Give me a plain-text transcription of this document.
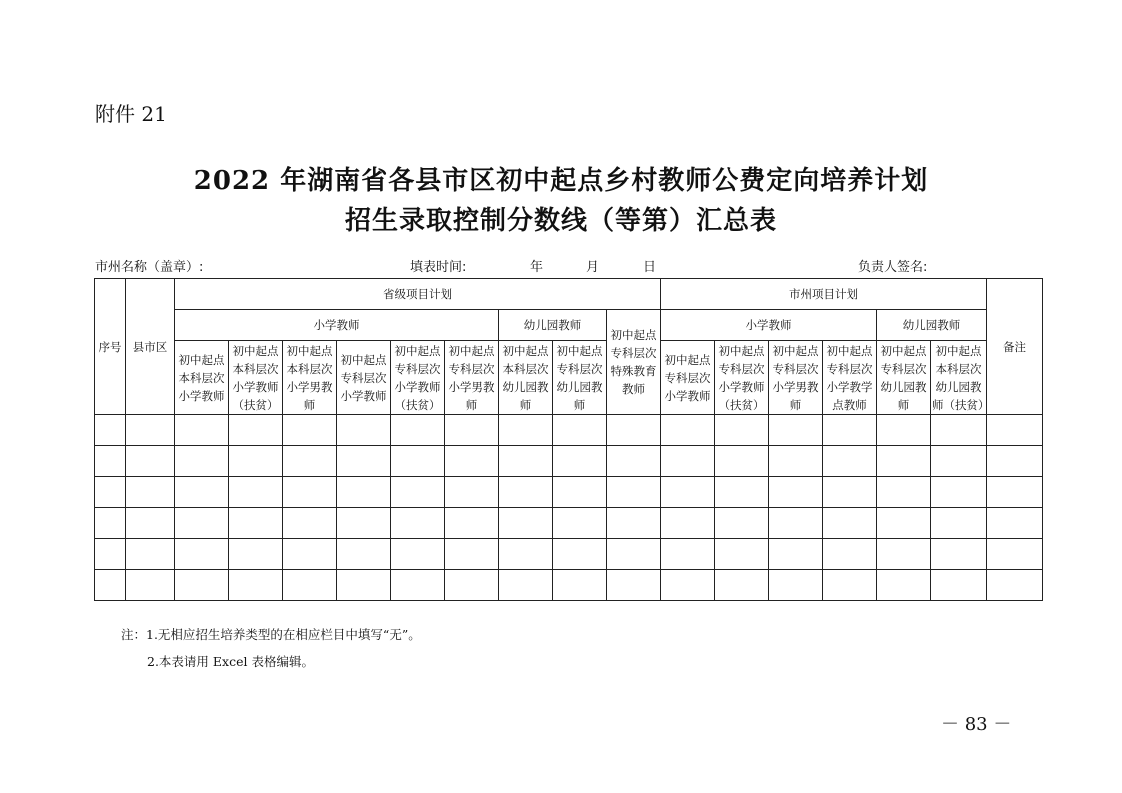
附件 21
2022 年湖南省各县市区初中起点乡村教师公费定向培养计划
招生录取控制分数线（等第）汇总表
市州名称（盖章）:	填表时间:	年	月	日	负责人签名:
序号	县市区	省级项目计划									市州项目计划						备注
		小学教师						幼儿园教师		初中起点专科层次特殊教育教师	小学教师				幼儿园教师		
		初中起点本科层次小学教师	初中起点本科层次小学教师（扶贫）	初中起点本科层次小学男教师	初中起点专科层次小学教师	初中起点专科层次小学教师（扶贫）	初中起点专科层次小学男教师	初中起点本科层次幼儿园教师	初中起点专科层次幼儿园教师		初中起点专科层次小学教师	初中起点专科层次小学教师（扶贫）	初中起点专科层次小学男教师	初中起点专科层次小学教学点教师	初中起点专科层次幼儿园教师	初中起点本科层次幼儿园教师（扶贫）	

注：1.无相应招生培养类型的在相应栏目中填写“无”。
2.本表请用 Excel 表格编辑。
－ 83 －
